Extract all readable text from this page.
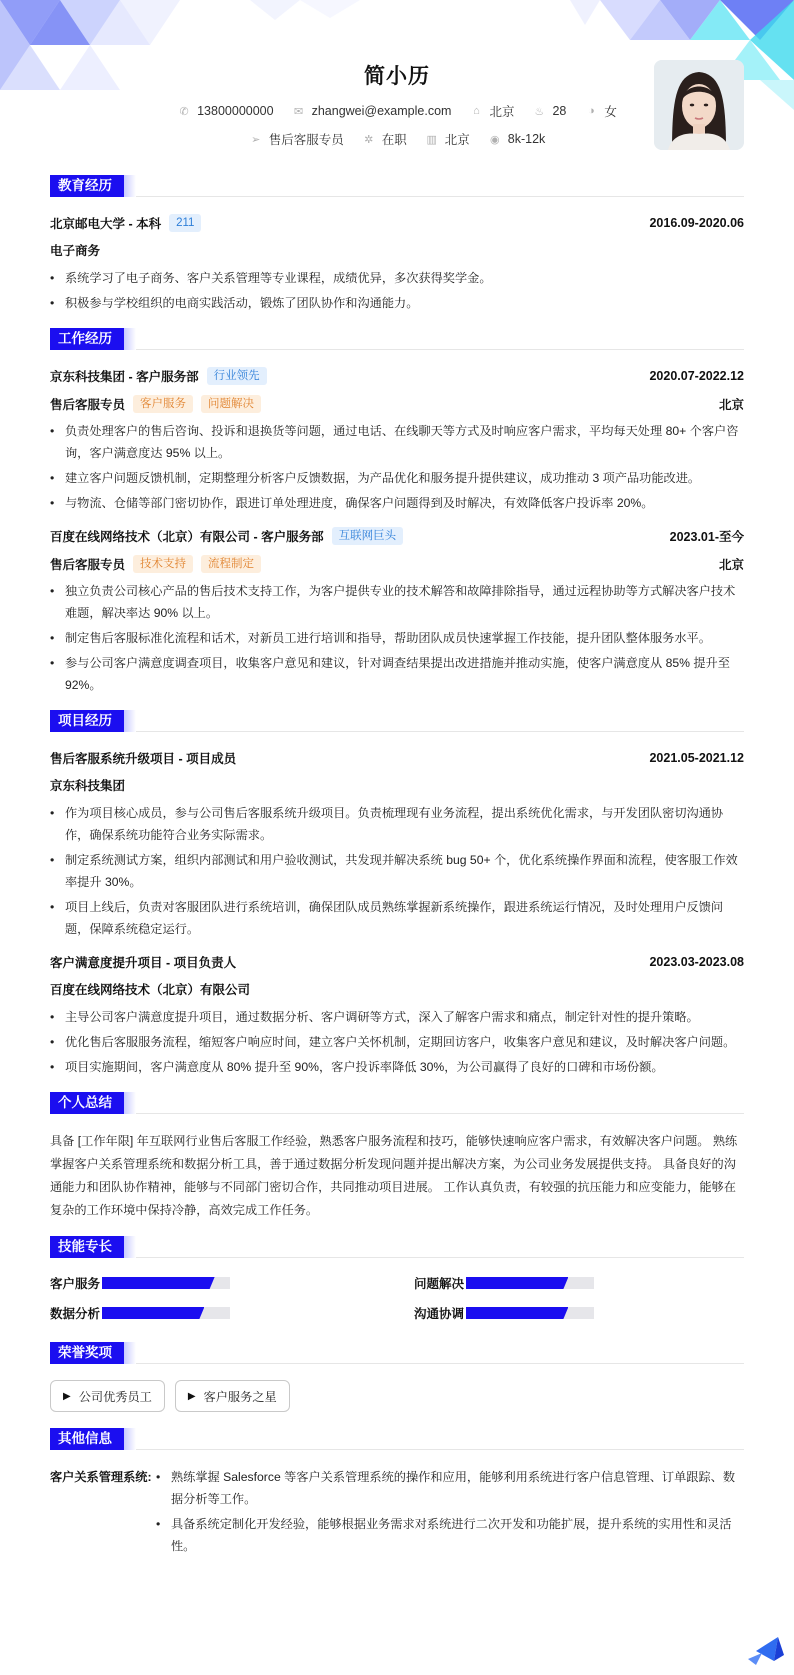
简小历
✆ 13800000000 ✉ zhangwei@example.com	⌂ 北京 ♨ 28	◑ 女
➢ 售后客服专员 ✲ 在职 ▥ 北京 ◉ 8k-12k
教育经历
北京邮电大学 - 本科	211	2016.09-2020.06
电子商务
• 系统学习了电子商务、客户关系管理等专业课程，成绩优异，多次获得奖学金。
• 积极参与学校组织的电商实践活动，锻炼了团队协作和沟通能力。
工作经历
京东科技集团 - 客户服务部	行业领先	2020.07-2022.12
售后客服专员	客户服务	问题解决	北京
• 负责处理客户的售后咨询、投诉和退换货等问题，通过电话、在线聊天等方式及时响应客户需求，平均每天处理 80+ 个客户咨询，客户满意度达 95% 以上。
• 建立客户问题反馈机制，定期整理分析客户反馈数据，为产品优化和服务提升提供建议，成功推动 3 项产品功能改进。
• 与物流、仓储等部门密切协作，跟进订单处理进度，确保客户问题得到及时解决，有效降低客户投诉率 20%。
百度在线网络技术（北京）有限公司 - 客户服务部	互联网巨头	2023.01-至今
售后客服专员	技术支持	流程制定	北京
• 独立负责公司核心产品的售后技术支持工作，为客户提供专业的技术解答和故障排除指导，通过远程协助等方式解决客户技术难题，解决率达 90% 以上。
• 制定售后客服标准化流程和话术，对新员工进行培训和指导，帮助团队成员快速掌握工作技能，提升团队整体服务水平。
• 参与公司客户满意度调查项目，收集客户意见和建议，针对调查结果提出改进措施并推动实施，使客户满意度从 85% 提升至 92%。
项目经历
售后客服系统升级项目 - 项目成员	2021.05-2021.12
京东科技集团
• 作为项目核心成员，参与公司售后客服系统升级项目。负责梳理现有业务流程，提出系统优化需求，与开发团队密切沟通协作，确保系统功能符合业务实际需求。
• 制定系统测试方案，组织内部测试和用户验收测试，共发现并解决系统 bug 50+ 个，优化系统操作界面和流程，使客服工作效率提升 30%。
• 项目上线后，负责对客服团队进行系统培训，确保团队成员熟练掌握新系统操作，跟进系统运行情况，及时处理用户反馈问题，保障系统稳定运行。
客户满意度提升项目 - 项目负责人	2023.03-2023.08
百度在线网络技术（北京）有限公司
• 主导公司客户满意度提升项目，通过数据分析、客户调研等方式，深入了解客户需求和痛点，制定针对性的提升策略。
• 优化售后客服服务流程，缩短客户响应时间，建立客户关怀机制，定期回访客户，收集客户意见和建议，及时解决客户问题。
• 项目实施期间，客户满意度从 80% 提升至 90%，客户投诉率降低 30%，为公司赢得了良好的口碑和市场份额。
个人总结
具备 [工作年限] 年互联网行业售后客服工作经验，熟悉客户服务流程和技巧，能够快速响应客户需求，有效解决客户问题。 熟练掌握客户关系管理系统和数据分析工具，善于通过数据分析发现问题并提出解决方案，为公司业务发展提供支持。 具备良好的沟通能力和团队协作精神，能够与不同部门密切合作，共同推动项目进展。 工作认真负责，有较强的抗压能力和应变能力，能够在复杂的工作环境中保持冷静，高效完成工作任务。
技能专长
客户服务	问题解决
数据分析	沟通协调
荣誉奖项
▶ 公司优秀员工	▶ 客户服务之星
其他信息
客户关系管理系统:
•	熟练掌握 Salesforce 等客户关系管理系统的操作和应用，能够利用系统进行客户信息管理、订单跟踪、数据分析等工作。
• 具备系统定制化开发经验，能够根据业务需求对系统进行二次开发和功能扩展，提升系统的实用性和灵活性。
